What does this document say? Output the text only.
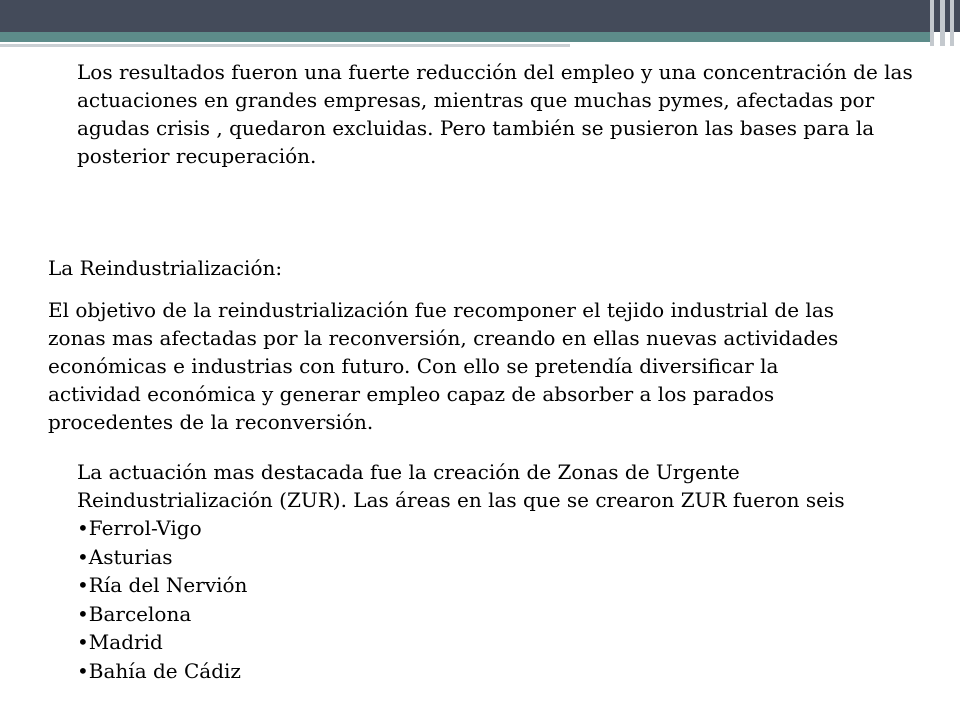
Los resultados fueron una fuerte reducción del empleo y una concentración de las actuaciones en grandes empresas, mientras que muchas pymes, afectadas por agudas crisis , quedaron excluidas. Pero también se pusieron las bases para la posterior recuperación.
La Reindustrialización:
El objetivo de la reindustrialización fue recomponer el tejido industrial de las zonas mas afectadas por la reconversión, creando en ellas nuevas actividades económicas e industrias con futuro. Con ello se pretendía diversificar la actividad económica y generar empleo capaz de absorber a los parados procedentes de la reconversión.
La actuación mas destacada fue la creación de Zonas de Urgente Reindustrialización (ZUR). Las áreas en las que se crearon ZUR fueron seis
• Ferrol-Vigo
• Asturias
• Ría del Nervión
• Barcelona
• Madrid
• Bahía de Cádiz
